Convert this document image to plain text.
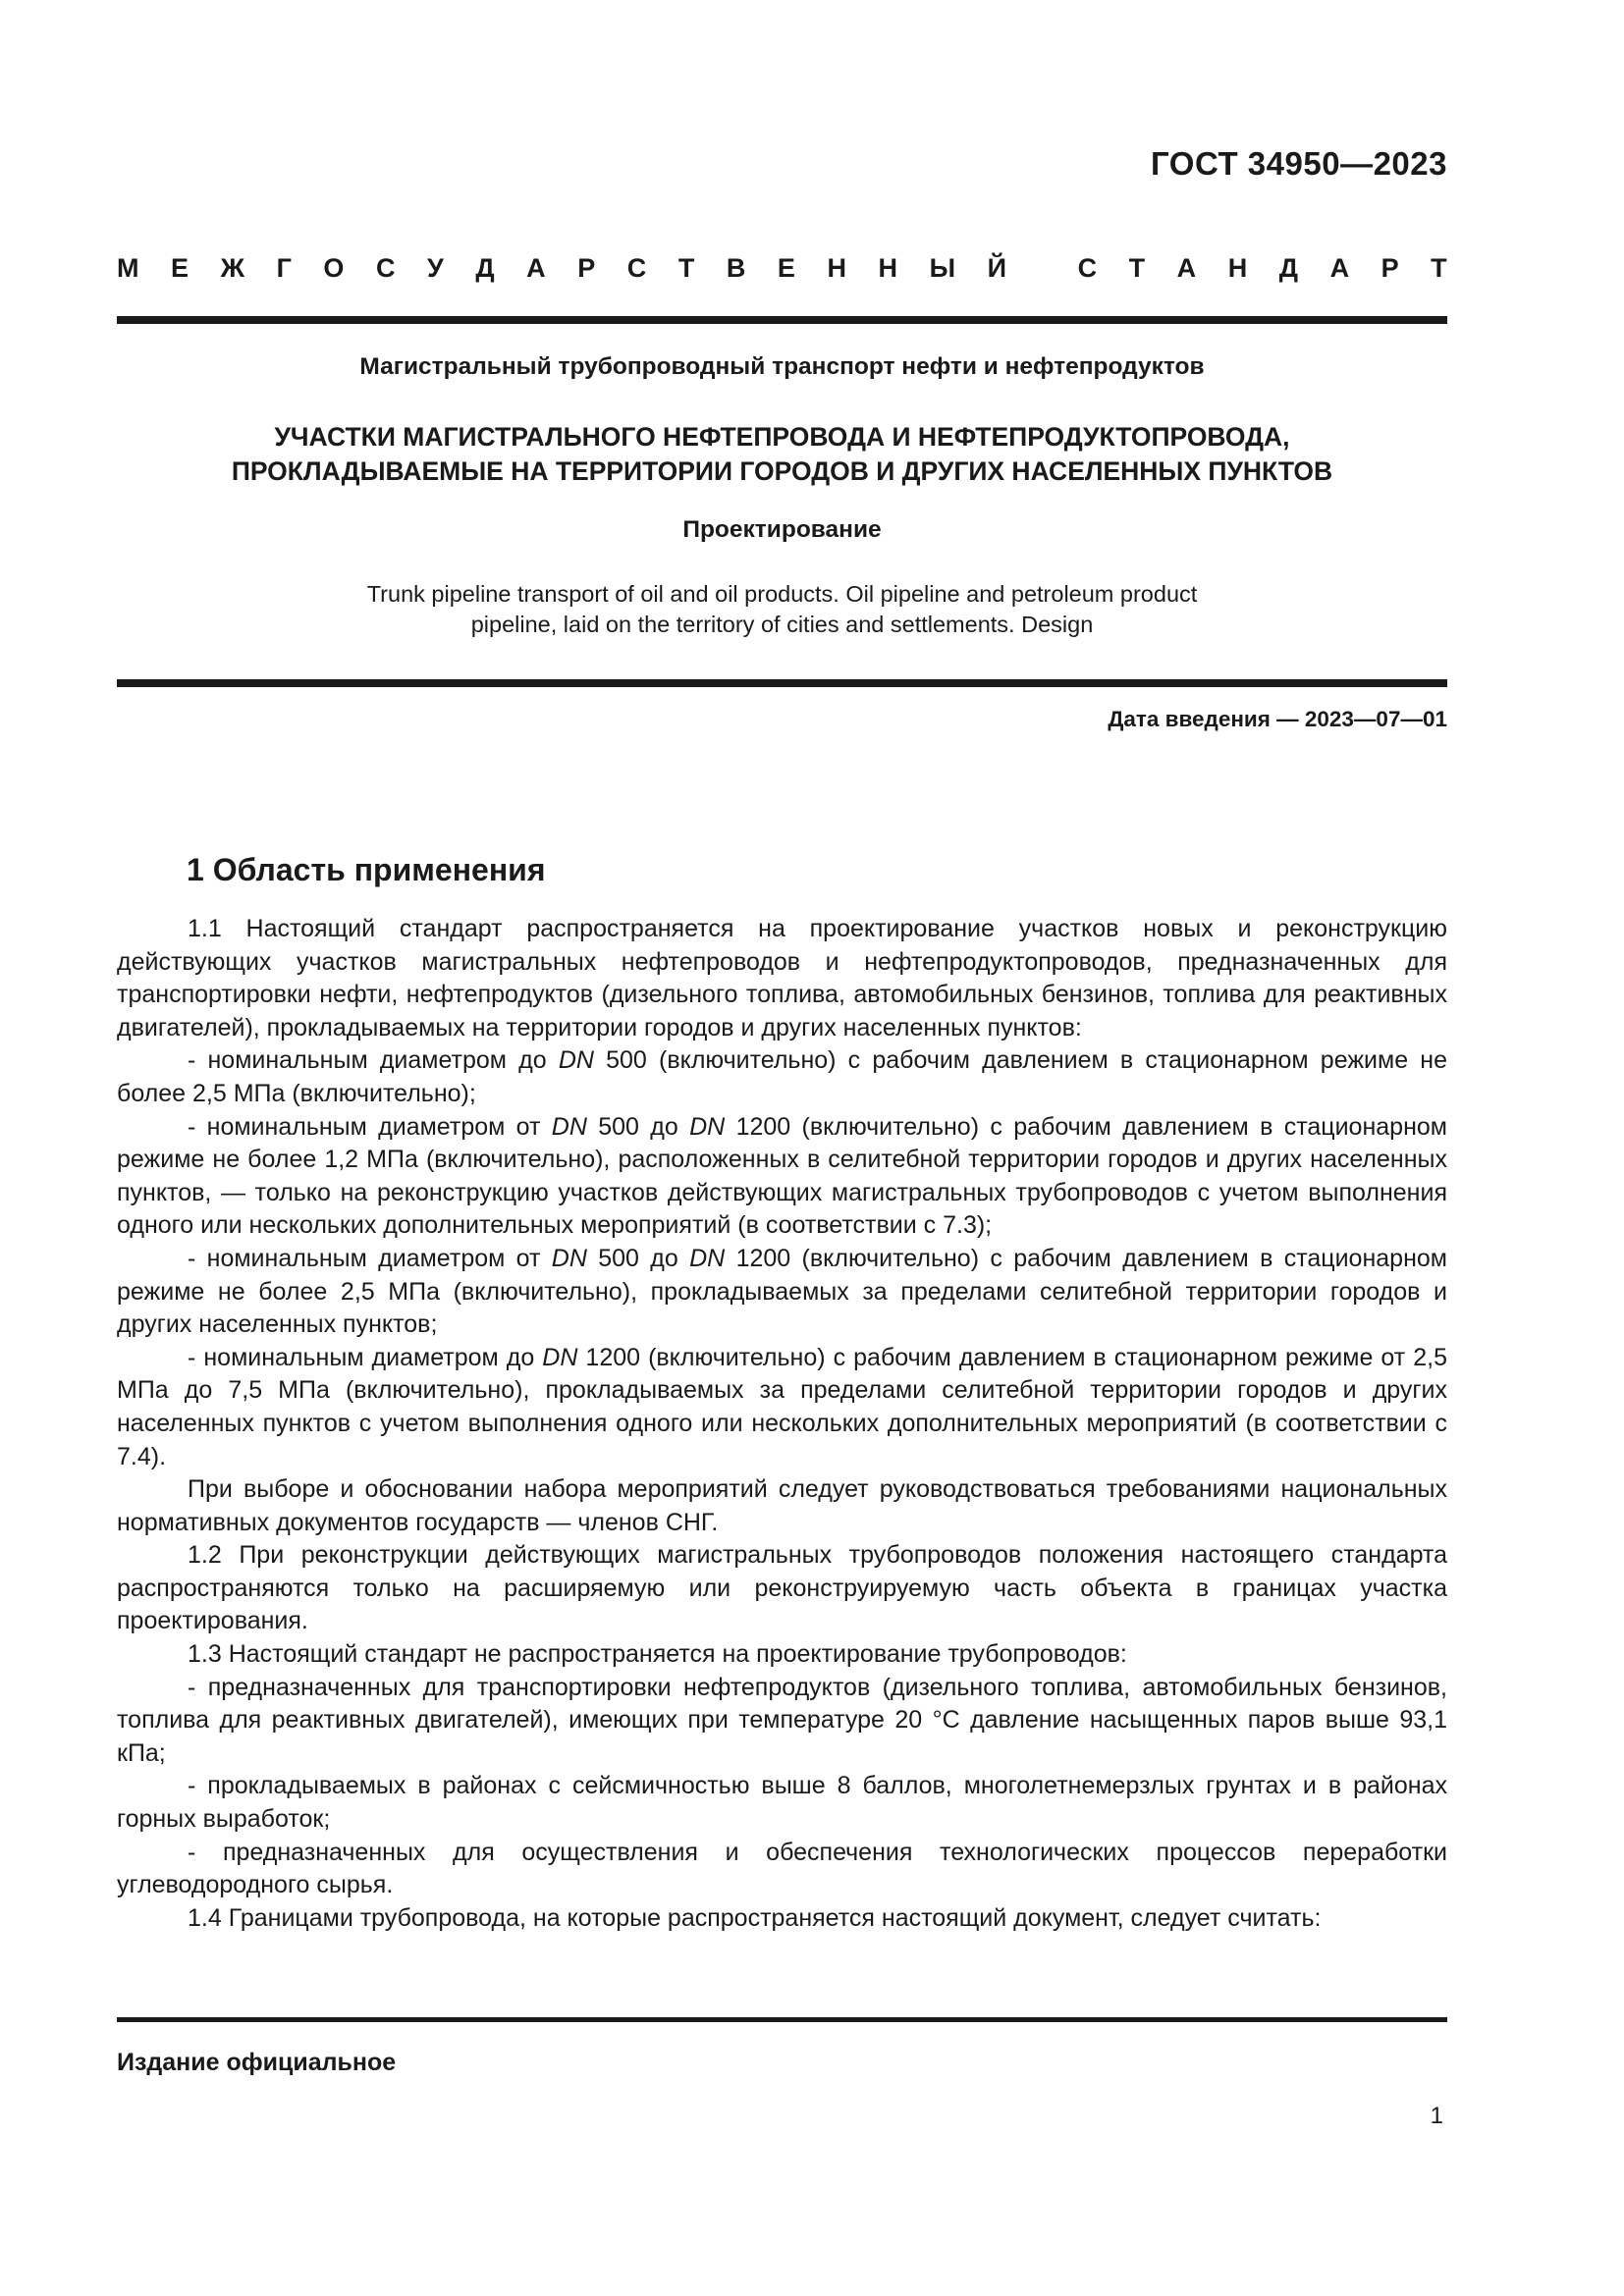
ГОСТ 34950—2023
М Е Ж Г О С У Д А Р С Т В Е Н Н Ы Й
	С Т А Н Д А Р Т
Магистральный трубопроводный транспорт нефти и нефтепродуктов
УЧАСТКИ МАГИСТРАЛЬНОГО НЕФТЕПРОВОДА И НЕФТЕПРОДУКТОПРОВОДА,
ПРОКЛАДЫВАЕМЫЕ НА ТЕРРИТОРИИ ГОРОДОВ И ДРУГИХ НАСЕЛЕННЫХ ПУНКТОВ
Проектирование
Trunk pipeline transport of oil and oil products. Oil pipeline and petroleum product
pipeline, laid on the territory of cities and settlements. Design
Дата введения — 2023—07—01
1 Область применения

1.1 Настоящий стандарт распространяется на проектирование участков новых и реконструкцию действующих участков магистральных нефтепроводов и нефтепродуктопроводов, предназначенных для транспортировки нефти, нефтепродуктов (дизельного топлива, автомобильных бензинов, топлива для реактивных двигателей), прокладываемых на территории городов и других населенных пунктов:

- номинальным диаметром до DN 500 (включительно) с рабочим давлением в стационарном режиме не более 2,5 МПа (включительно);

- номинальным диаметром от DN 500 до DN 1200 (включительно) с рабочим давлением в стационарном режиме не более 1,2 МПа (включительно), расположенных в селитебной территории городов и других населенных пунктов, — только на реконструкцию участков действующих магистральных трубопроводов с учетом выполнения одного или нескольких дополнительных мероприятий (в соответствии с 7.3);

- номинальным диаметром от DN 500 до DN 1200 (включительно) с рабочим давлением в стационарном режиме не более 2,5 МПа (включительно), прокладываемых за пределами селитебной территории городов и других населенных пунктов;

- номинальным диаметром до DN 1200 (включительно) с рабочим давлением в стационарном режиме от 2,5 МПа до 7,5 МПа (включительно), прокладываемых за пределами селитебной территории городов и других населенных пунктов с учетом выполнения одного или нескольких дополнительных мероприятий (в соответствии с 7.4).

При выборе и обосновании набора мероприятий следует руководствоваться требованиями национальных нормативных документов государств — членов СНГ.

1.2 При реконструкции действующих магистральных трубопроводов положения настоящего стандарта распространяются только на расширяемую или реконструируемую часть объекта в границах участка проектирования.

1.3 Настоящий стандарт не распространяется на проектирование трубопроводов:

- предназначенных для транспортировки нефтепродуктов (дизельного топлива, автомобильных бензинов, топлива для реактивных двигателей), имеющих при температуре 20 °С давление насыщенных паров выше 93,1 кПа;

- прокладываемых в районах с сейсмичностью выше 8 баллов, многолетнемерзлых грунтах и в районах горных выработок;

- предназначенных для осуществления и обеспечения технологических процессов переработки углеводородного сырья.

1.4 Границами трубопровода, на которые распространяется настоящий документ, следует считать:

Издание официальное
1
